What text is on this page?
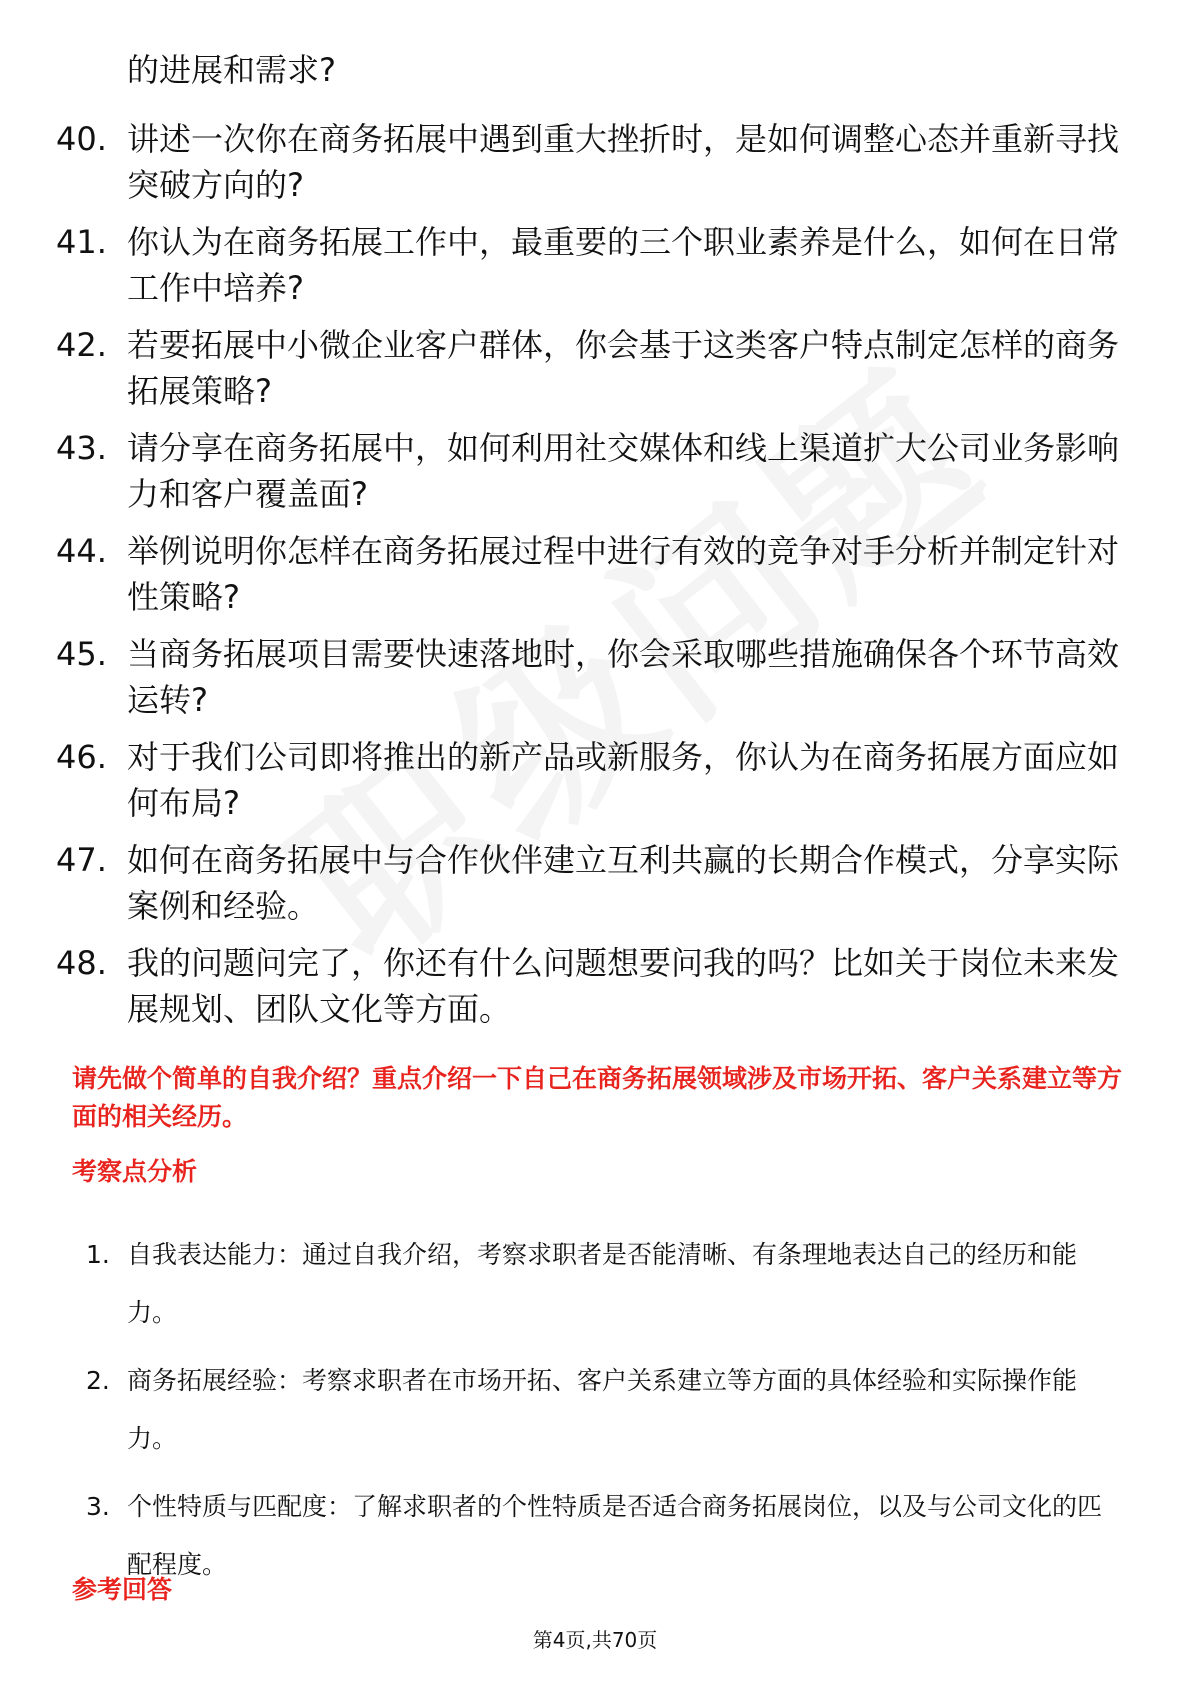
的进展和需求?
40. 讲述一次你在商务拓展中遇到重大挫折时，是如何调整心态并重新寻找突破方向的?
41. 你认为在商务拓展工作中，最重要的三个职业素养是什么，如何在日常工作中培养?
42. 若要拓展中小微企业客户群体，你会基于这类客户特点制定怎样的商务拓展策略?
43. 请分享在商务拓展中，如何利用社交媒体和线上渠道扩大公司业务影响力和客户覆盖面?
44. 举例说明你怎样在商务拓展过程中进行有效的竞争对手分析并制定针对性策略?
45. 当商务拓展项目需要快速落地时，你会采取哪些措施确保各个环节高效运转?
46. 对于我们公司即将推出的新产品或新服务，你认为在商务拓展方面应如何布局?
47. 如何在商务拓展中与合作伙伴建立互利共赢的长期合作模式，分享实际案例和经验。
48. 我的问题问完了，你还有什么问题想要问我的吗？比如关于岗位未来发展规划、团队文化等方面。
请先做个简单的自我介绍？重点介绍一下自己在商务拓展领域涉及市场开拓、客户关系建立等方面的相关经历。
考察点分析
1. 自我表达能力：通过自我介绍，考察求职者是否能清晰、有条理地表达自己的经历和能力。
2. 商务拓展经验：考察求职者在市场开拓、客户关系建立等方面的具体经验和实际操作能力。
3. 个性特质与匹配度：了解求职者的个性特质是否适合商务拓展岗位，以及与公司文化的匹配程度。
参考回答
第4页,共70页
